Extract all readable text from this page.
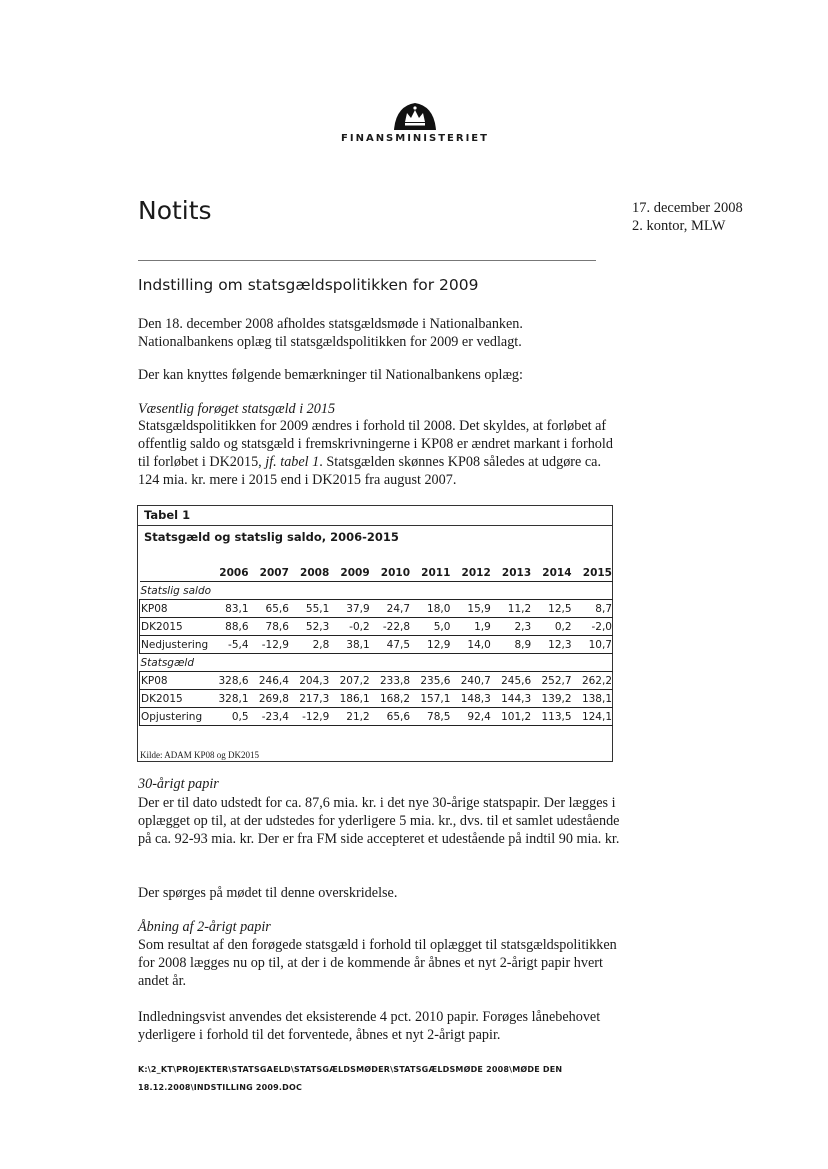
FINANSMINISTERIET
Notits	17. december 2008
2. kontor, MLW
Indstilling om statsgældspolitikken for 2009
Den 18. december 2008 afholdes statsgældsmøde i Nationalbanken. Nationalbankens oplæg til statsgældspolitikken for 2009 er vedlagt.
Der kan knyttes følgende bemærkninger til Nationalbankens oplæg:
Væsentlig forøget statsgæld i 2015
Statsgældspolitikken for 2009 ændres i forhold til 2008. Det skyldes, at forløbet af offentlig saldo og statsgæld i fremskrivningerne i KP08 er ændret markant i forhold til forløbet i DK2015, jf. tabel 1. Statsgælden skønnes KP08 således at udgøre ca. 124 mia. kr. mere i 2015 end i DK2015 fra august 2007.
Tabel 1
Statsgæld og statslig saldo, 2006-2015
	2006	2007	2008	2009	2010	2011	2012	2013	2014	2015
Statslig saldo										
KP08	83,1	65,6	55,1	37,9	24,7	18,0	15,9	11,2	12,5	8,7
DK2015	88,6	78,6	52,3	-0,2	-22,8	5,0	1,9	2,3	0,2	-2,0
Nedjustering	-5,4	-12,9	2,8	38,1	47,5	12,9	14,0	8,9	12,3	10,7
Statsgæld										
KP08	328,6	246,4	204,3	207,2	233,8	235,6	240,7	245,6	252,7	262,2
DK2015	328,1	269,8	217,3	186,1	168,2	157,1	148,3	144,3	139,2	138,1
Opjustering	0,5	-23,4	-12,9	21,2	65,6	78,5	92,4	101,2	113,5	124,1
Kilde: ADAM KP08 og DK2015
30-årigt papir
Der er til dato udstedt for ca. 87,6 mia. kr. i det nye 30-årige statspapir. Der lægges i oplægget op til, at der udstedes for yderligere 5 mia. kr., dvs. til et samlet udestående på ca. 92-93 mia. kr. Der er fra FM side accepteret et udestående på indtil 90 mia. kr.
Der spørges på mødet til denne overskridelse.
Åbning af 2-årigt papir
Som resultat af den forøgede statsgæld i forhold til oplægget til statsgældspolitikken for 2008 lægges nu op til, at der i de kommende år åbnes et nyt 2-årigt papir hvert andet år.
Indledningsvist anvendes det eksisterende 4 pct. 2010 papir. Forøges lånebehovet yderligere i forhold til det forventede, åbnes et nyt 2-årigt papir.
K:\2_KT\PROJEKTER\STATSGAELD\STATSGÆLDSMØDER\STATSGÆLDSMØDE 2008\MØDE DEN 18.12.2008\INDSTILLING 2009.DOC
